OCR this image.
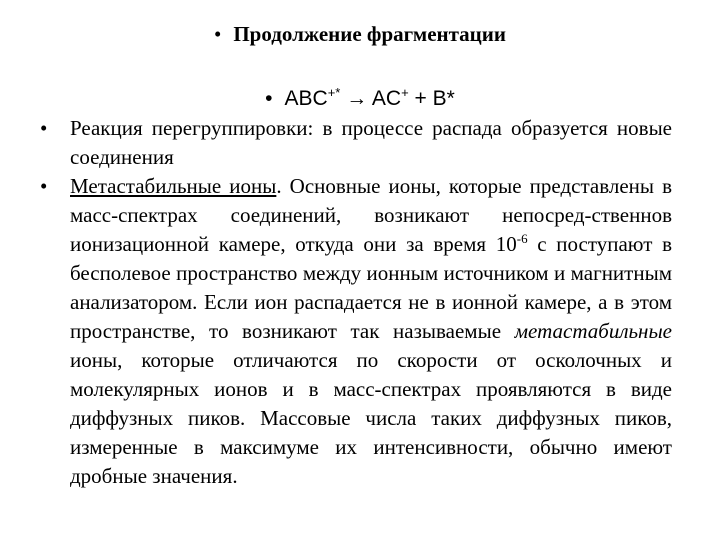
• Продолжение фрагментации
• ABC+* → AC+ + B*
• Реакция перегруппировки: в процессе распада образуется новые соединения
• Метастабильные ионы. Основные ионы, которые представлены в масс-спектрах соединений, возникают непосред-ственнов ионизационной камере, откуда они за время $10^{-6}$ с поступают в бесполевое пространство между ионным источником и магнитным анализатором. Если ион распадается не в ионной камере, а в этом пространстве, то возникают так называемые метастабильные ионы, которые отличаются по скорости от осколочных и молекулярных ионов и в масс-спектрах проявляются в виде диффузных пиков. Массовые числа таких диффузных пиков, измеренные в максимуме их интенсивности, обычно имеют дробные значения.
